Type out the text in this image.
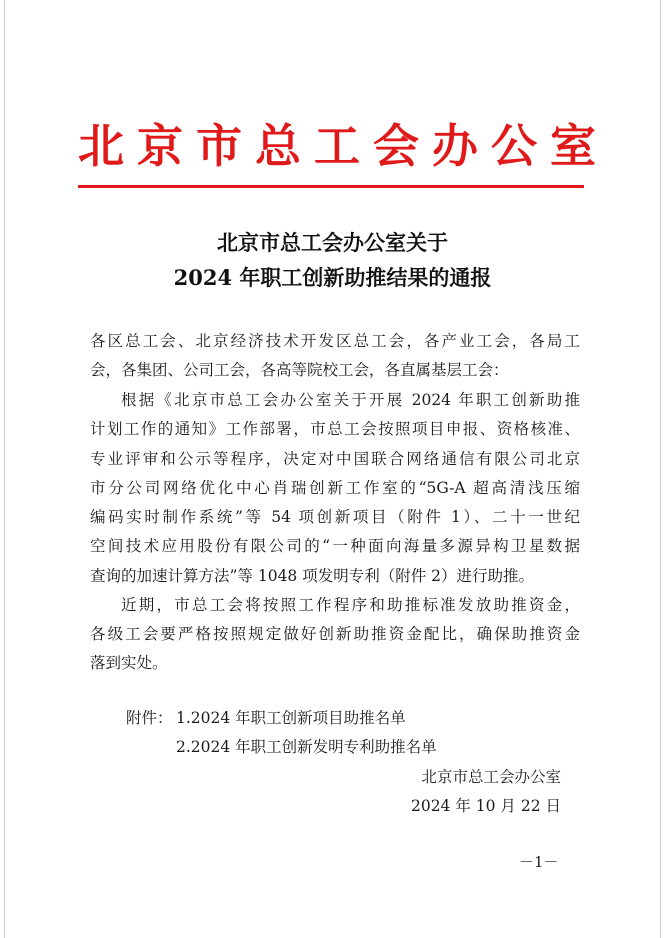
北京市总工会办公室
北京市总工会办公室关于
2024 年职工创新助推结果的通报
各区总工会、北京经济技术开发区总工会，各产业工会，各局工
会，各集团、公司工会，各高等院校工会，各直属基层工会：
根据《北京市总工会办公室关于开展 2024 年职工创新助推
计划工作的通知》工作部署，市总工会按照项目申报、资格核准、
专业评审和公示等程序，决定对中国联合网络通信有限公司北京
市分公司网络优化中心肖瑞创新工作室的“5G-A 超高清浅压缩
编码实时制作系统”等 54 项创新项目（附件 1）、二十一世纪
空间技术应用股份有限公司的“一种面向海量多源异构卫星数据
查询的加速计算方法”等 1048 项发明专利（附件 2）进行助推。
近期，市总工会将按照工作程序和助推标准发放助推资金，
各级工会要严格按照规定做好创新助推资金配比，确保助推资金
落到实处。
附件： 1.2024 年职工创新项目助推名单
2.2024 年职工创新发明专利助推名单
北京市总工会办公室
2024 年 10 月 22 日
－1－
